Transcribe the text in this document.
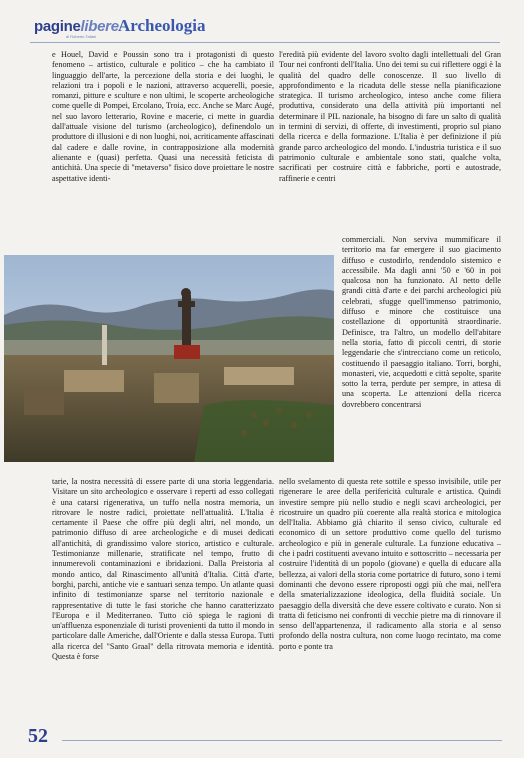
paginelibere
di Roberto Tafani
Archeologia

e Houel, David e Poussin sono tra i protagonisti di questo fenomeno – artistico, culturale e politico – che ha cambiato il linguaggio dell'arte, la percezione della storia e dei luoghi, le relazioni tra i popoli e le nazioni, attraverso acquerelli, poesie, romanzi, pitture e sculture e non ultimi, le scoperte archeologiche come quelle di Pompei, Ercolano, Troia, ecc. Anche se Marc Augé, nel suo lavoro letterario, Rovine e macerie, ci mette in guardia dall'attuale visione del turismo (archeologico), definendolo un produttore di illusioni e di non luoghi, noi, acriticamente affascinati dal cadere e dalle rovine, in contrapposizione alla modernità alienante e (quasi) perfetta. Quasi una necessità feticista di antichità. Una specie di "metaverso" fisico dove proiettare le nostre aspettative identi-

l'eredità più evidente del lavoro svolto dagli intellettuali del Gran Tour nei confronti dell'Italia. Uno dei temi su cui riflettere oggi è la qualità del quadro delle conoscenze. Il suo livello di approfondimento e la ricaduta delle stesse nella pianificazione strategica. Il turismo archeologico, inteso anche come filiera produttiva, considerato una della attività più importanti nel determinare il PIL nazionale, ha bisogno di fare un salto di qualità in termini di servizi, di offerte, di investimenti, proprio sul piano della ricerca e della formazione. L'Italia è per definizione il più grande parco archeologico del mondo. L'industria turistica e il suo patrimonio culturale e ambientale sono stati, qualche volta, sacrificati per costruire città e fabbriche, porti e autostrade, raffinerie e centri

commerciali. Non serviva mummificare il territorio ma far emergere il suo giacimento diffuso e custodirlo, rendendolo sistemico e accessibile. Ma dagli anni '50 e '60 in poi qualcosa non ha funzionato. Al netto delle grandi città d'arte e dei parchi archeologici più celebrati, sfugge quell'immenso patrimonio, diffuso e minore che costituisce una costellazione di opportunità straordinarie. Definisce, tra l'altro, un modello dell'abitare nella storia, fatto di piccoli centri, di storie leggendarie che s'intrecciano come un reticolo, costituendo il paesaggio italiano. Torri, borghi, monasteri, vie, acquedotti e città sepolte, sparite sotto la terra, perdute per sempre, in attesa di una scoperta. Le attenzioni della ricerca dovrebbero concentrarsi

tarie, la nostra necessità di essere parte di una storia leggendaria. Visitare un sito archeologico e osservare i reperti ad esso collegati è una catarsi rigenerativa, un tuffo nella nostra memoria, un ritrovare le nostre radici, proiettate nell'attualità. L'Italia è certamente il Paese che offre più degli altri, nel mondo, un patrimonio diffuso di aree archeologiche e di musei dedicati all'antichità, di grandissimo valore storico, artistico e culturale. Testimonianze millenarie, stratificate nel tempo, frutto di innumerevoli contaminazioni e ibridazioni. Dalla Preistoria al mondo antico, dal Rinascimento all'unità d'Italia. Città d'arte, borghi, parchi, antiche vie e santuari senza tempo. Un atlante quasi infinito di testimonianze sparse nel territorio nazionale e rappresentative di tutte le fasi storiche che hanno caratterizzato l'Europa e il Mediterraneo. Tutto ciò spiega le ragioni di un'affluenza esponenziale di turisti provenienti da tutto il mondo in particolare dalle Americhe, dall'Oriente e dalla stessa Europa. Tutti alla ricerca del "Santo Graal" della ritrovata memoria e identità. Questa è forse

nello svelamento di questa rete sottile e spesso invisibile, utile per rigenerare le aree della perifericità culturale e artistica. Quindi investire sempre più nello studio e negli scavi archeologici, per ricostruire un quadro più coerente alla realtà storica e mitologica dell'Italia. Abbiamo già chiarito il senso civico, culturale ed economico di un settore produttivo come quello del turismo archeologico e più in generale culturale. La funzione educativa – che i padri costituenti avevano intuito e sottoscritto – necessaria per costruire l'identità di un popolo (giovane) e quella di educare alla bellezza, ai valori della storia come portatrice di futuro, sono i temi dominanti che devono essere riproposti oggi più che mai, nell'era della smaterializzazione ideologica, della fluidità sociale. Un paesaggio della diversità che deve essere coltivato e curato. Non si tratta di feticismo nei confronti di vecchie pietre ma di rinnovare il senso dell'appartenenza, il radicamento alla storia e al senso profondo della nostra cultura, non come luogo recintato, ma come porto e ponte tra

52
